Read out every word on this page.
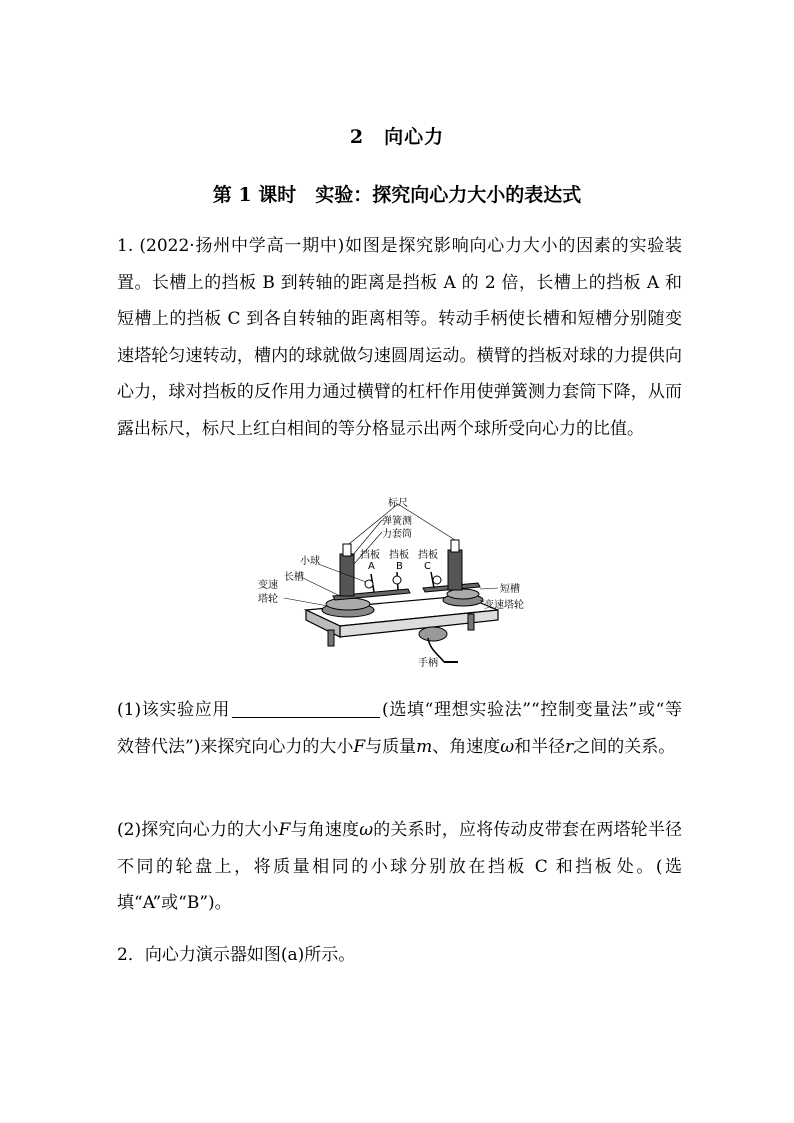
2　向心力
第 1 课时　实验：探究向心力大小的表达式
1. (2022·扬州中学高一期中)如图是探究影响向心力大小的因素的实验装置。长槽上的挡板 B 到转轴的距离是挡板 A 的 2 倍，长槽上的挡板 A 和短槽上的挡板 C 到各自转轴的距离相等。转动手柄使长槽和短槽分别随变速塔轮匀速转动，槽内的球就做匀速圆周运动。横臂的挡板对球的力提供向心力，球对挡板的反作用力通过横臂的杠杆作用使弹簧测力套筒下降，从而露出标尺，标尺上红白相间的等分格显示出两个球所受向心力的比值。
标尺
弹簧测
力套筒
小球
长槽
变速
塔轮
挡板 挡板 挡板
A B C
短槽
变速塔轮
手柄
(1)该实验应用	(选填“理想实验法”“控制变量法”或“等效替代法”)来探究向心力的大小F与质量m、角速度ω和半径r之间的关系。
(2)探究向心力的大小F与角速度ω的关系时，应将传动皮带套在两塔轮半径不同的轮盘上，将质量相同的小球分别放在挡板 C 和挡板处。(选填“A”或“B”)。
2．向心力演示器如图(a)所示。
